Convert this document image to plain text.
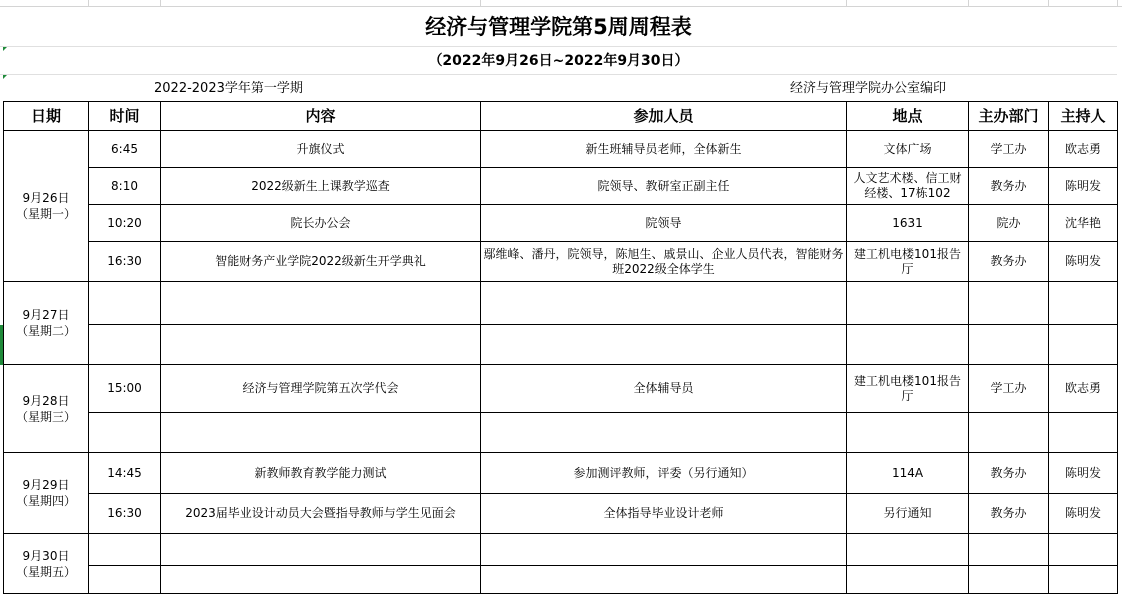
经济与管理学院第5周周程表
（2022年9月26日~2022年9月30日）
2022-2023学年第一学期	经济与管理学院办公室编印
日期	时间	内容	参加人员	地点	主办部门	主持人
9月26日
（星期一）	6:45	升旗仪式	新生班辅导员老师，全体新生	文体广场	学工办	欧志勇
	8:10	2022级新生上课教学巡查	院领导、教研室正副主任	人文艺术楼、信工财经楼、17栋102	教务办	陈明发
	10:20	院长办公会	院领导	1631	院办	沈华艳
	16:30	智能财务产业学院2022级新生开学典礼	鄢维峰、潘丹，院领导，陈旭生、戚景山、企业人员代表，智能财务班2022级全体学生	建工机电楼101报告厅	教务办	陈明发
9月27日
（星期二）						

9月28日
（星期三）	15:00	经济与管理学院第五次学代会	全体辅导员	建工机电楼101报告厅	学工办	欧志勇

9月29日
（星期四）	14:45	新教师教育教学能力测试	参加测评教师，评委（另行通知）	114A	教务办	陈明发
	16:30	2023届毕业设计动员大会暨指导教师与学生见面会	全体指导毕业设计老师	另行通知	教务办	陈明发
9月30日
（星期五）						
